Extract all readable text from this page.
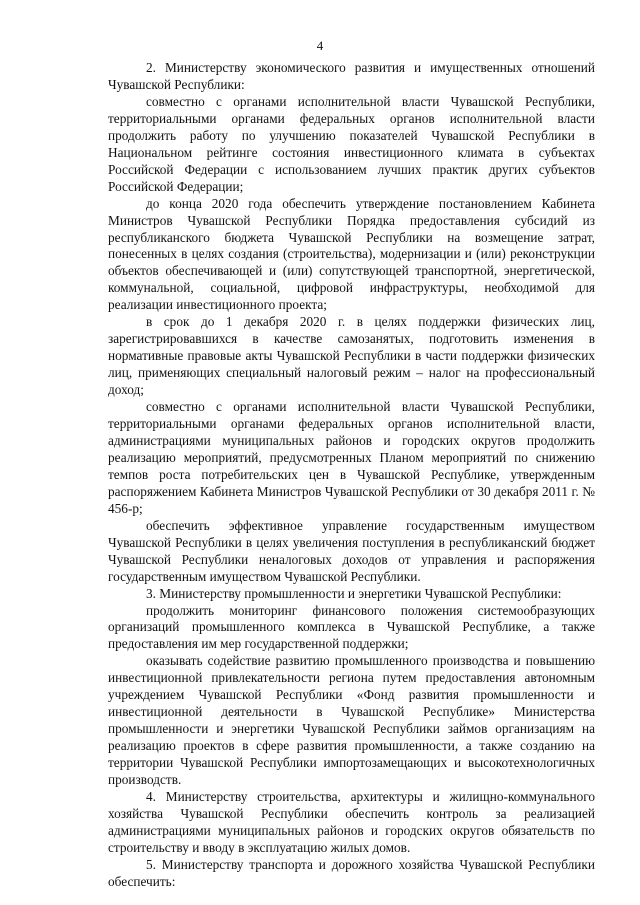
4

2. Министерству экономического развития и имущественных отношений Чувашской Республики:

совместно с органами исполнительной власти Чувашской Республики, территориальными органами федеральных органов исполнительной власти продолжить работу по улучшению показателей Чувашской Республики в Национальном рейтинге состояния инвестиционного климата в субъектах Российской Федерации с использованием лучших практик других субъектов Российской Федерации;

до конца 2020 года обеспечить утверждение постановлением Кабинета Министров Чувашской Республики Порядка предоставления субсидий из республиканского бюджета Чувашской Республики на возмещение затрат, понесенных в целях создания (строительства), модернизации и (или) реконструкции объектов обеспечивающей и (или) сопутствующей транспортной, энергетической, коммунальной, социальной, цифровой инфраструктуры, необходимой для реализации инвестиционного проекта;

в срок до 1 декабря 2020 г. в целях поддержки физических лиц, зарегистрировавшихся в качестве самозанятых, подготовить изменения в нормативные правовые акты Чувашской Республики в части поддержки физических лиц, применяющих специальный налоговый режим – налог на профессиональный доход;

совместно с органами исполнительной власти Чувашской Республики, территориальными органами федеральных органов исполнительной власти, администрациями муниципальных районов и городских округов продолжить реализацию мероприятий, предусмотренных Планом мероприятий по снижению темпов роста потребительских цен в Чувашской Республике, утвержденным распоряжением Кабинета Министров Чувашской Республики от 30 декабря 2011 г. № 456-р;

обеспечить эффективное управление государственным имуществом Чувашской Республики в целях увеличения поступления в республиканский бюджет Чувашской Республики неналоговых доходов от управления и распоряжения государственным имуществом Чувашской Республики.

3. Министерству промышленности и энергетики Чувашской Республики:

продолжить мониторинг финансового положения системообразующих организаций промышленного комплекса в Чувашской Республике, а также предоставления им мер государственной поддержки;

оказывать содействие развитию промышленного производства и повышению инвестиционной привлекательности региона путем предоставления автономным учреждением Чувашской Республики «Фонд развития промышленности и инвестиционной деятельности в Чувашской Республике» Министерства промышленности и энергетики Чувашской Республики займов организациям на реализацию проектов в сфере развития промышленности, а также созданию на территории Чувашской Республики импортозамещающих и высокотехнологичных производств.

4. Министерству строительства, архитектуры и жилищно-коммунального хозяйства Чувашской Республики обеспечить контроль за реализацией администрациями муниципальных районов и городских округов обязательств по строительству и вводу в эксплуатацию жилых домов.

5. Министерству транспорта и дорожного хозяйства Чувашской Республики обеспечить:
